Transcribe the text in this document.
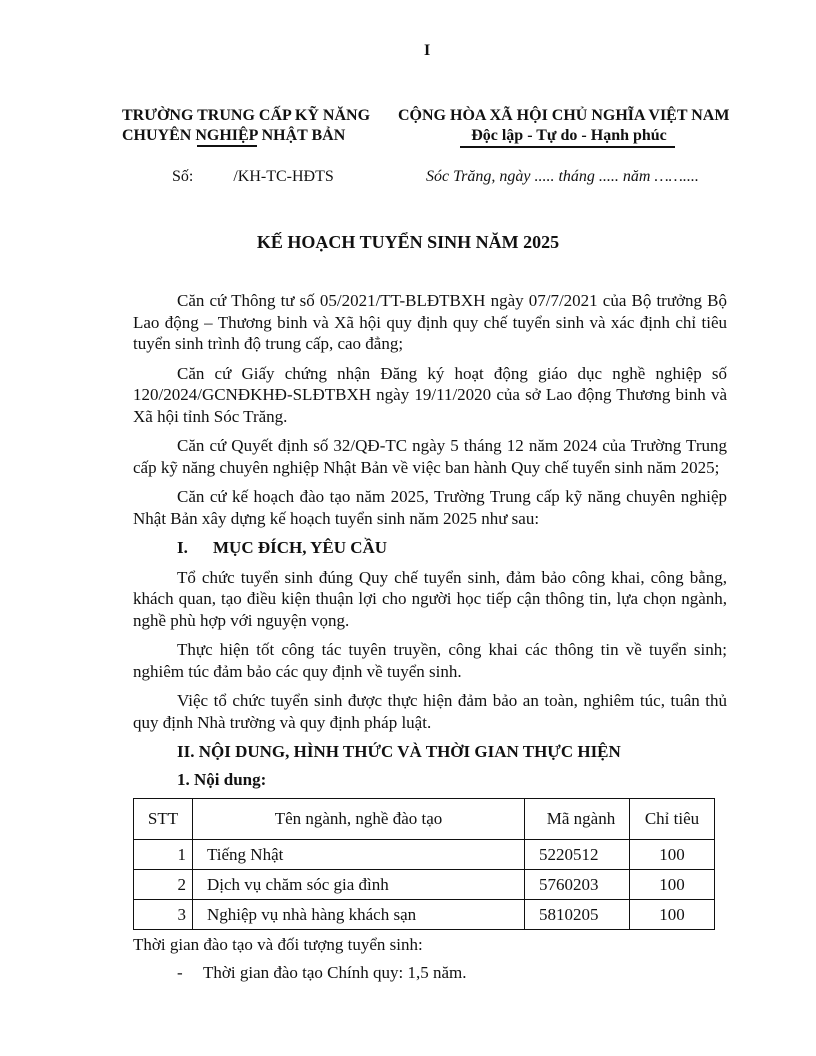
I
TRƯỜNG TRUNG CẤP KỸ NĂNG
CHUYÊN NGHIỆP NHẬT BẢN
CỘNG HÒA XÃ HỘI CHỦ NGHĨA VIỆT NAM
Độc lập - Tự do - Hạnh phúc
Số:	/KH-TC-HĐTS	Sóc Trăng, ngày ..... tháng ..... năm ……....
KẾ HOẠCH TUYỂN SINH NĂM 2025

Căn cứ Thông tư số 05/2021/TT-BLĐTBXH ngày 07/7/2021 của Bộ trưởng Bộ Lao động – Thương binh và Xã hội quy định quy chế tuyển sinh và xác định chỉ tiêu tuyển sinh trình độ trung cấp, cao đẳng;

Căn cứ Giấy chứng nhận Đăng ký hoạt động giáo dục nghề nghiệp số 120/2024/GCNĐKHĐ-SLĐTBXH ngày 19/11/2020 của sở Lao động Thương binh và Xã hội tỉnh Sóc Trăng.

Căn cứ Quyết định số 32/QĐ-TC ngày 5 tháng 12 năm 2024 của Trường Trung cấp kỹ năng chuyên nghiệp Nhật Bản về việc ban hành Quy chế tuyển sinh năm 2025;

Căn cứ kế hoạch đào tạo năm 2025, Trường Trung cấp kỹ năng chuyên nghiệp Nhật Bản xây dựng kế hoạch tuyển sinh năm 2025 như sau:

I. MỤC ĐÍCH, YÊU CẦU

Tổ chức tuyển sinh đúng Quy chế tuyển sinh, đảm bảo công khai, công bằng, khách quan, tạo điều kiện thuận lợi cho người học tiếp cận thông tin, lựa chọn ngành, nghề phù hợp với nguyện vọng.

Thực hiện tốt công tác tuyên truyền, công khai các thông tin về tuyển sinh; nghiêm túc đảm bảo các quy định về tuyển sinh.

Việc tổ chức tuyển sinh được thực hiện đảm bảo an toàn, nghiêm túc, tuân thủ quy định Nhà trường và quy định pháp luật.

II. NỘI DUNG, HÌNH THỨC VÀ THỜI GIAN THỰC HIỆN
1. Nội dung:
STT	Tên ngành, nghề đào tạo	Mã ngành	Chỉ tiêu
1	Tiếng Nhật	5220512	100
2	Dịch vụ chăm sóc gia đình	5760203	100
3	Nghiệp vụ nhà hàng khách sạn	5810205	100
Thời gian đào tạo và đối tượng tuyển sinh:
- Thời gian đào tạo Chính quy: 1,5 năm.
